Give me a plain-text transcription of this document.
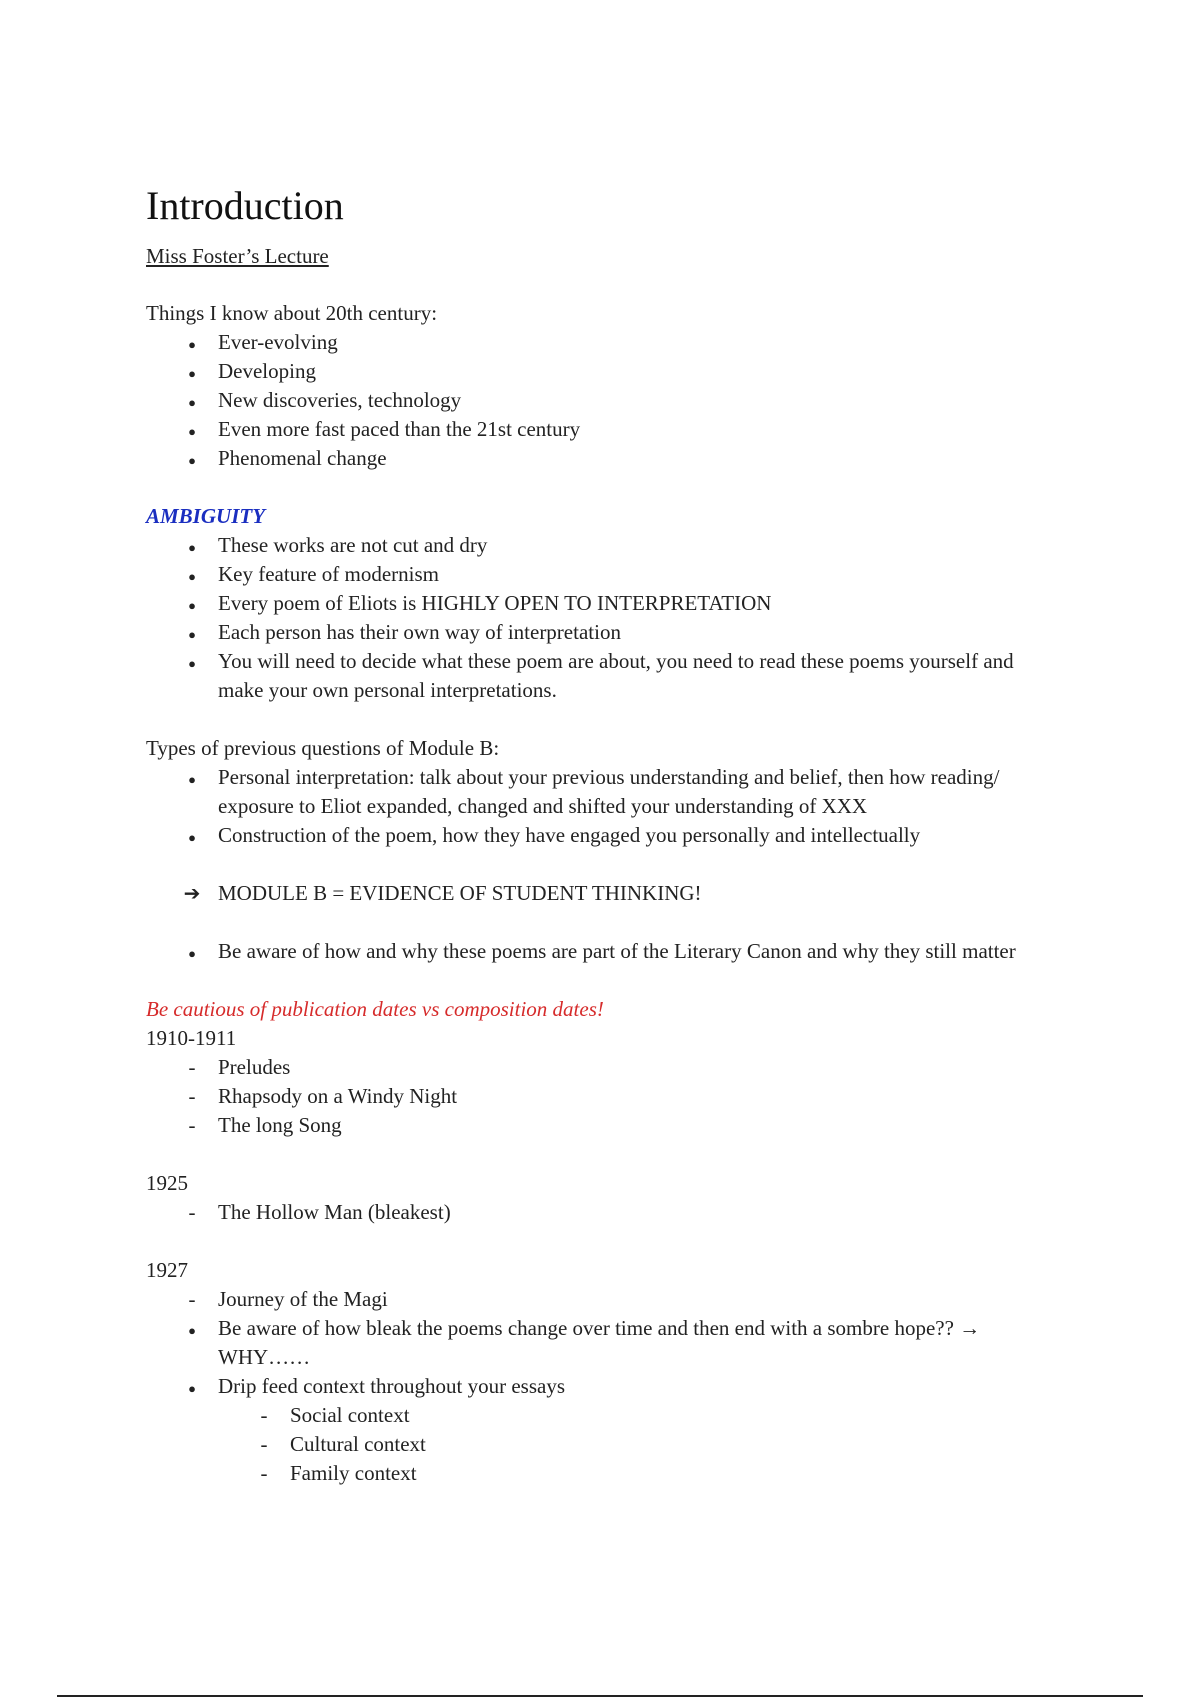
Introduction

Miss Foster’s Lecture

Things I know about 20th century:

●
Ever-evolving
●
Developing
●
New discoveries, technology
●
Even more fast paced than the 21st century
●
Phenomenal change

AMBIGUITY

●
These works are not cut and dry
●
Key feature of modernism
●
Every poem of Eliots is HIGHLY OPEN TO INTERPRETATION
●
Each person has their own way of interpretation
●
You will need to decide what these poem are about, you need to read these poems yourself and make your own personal interpretations.

Types of previous questions of Module B:

●
Personal interpretation: talk about your previous understanding and belief, then how reading/ exposure to Eliot expanded, changed and shifted your understanding of XXX
●
Construction of the poem, how they have engaged you personally and intellectually
➔
MODULE B = EVIDENCE OF STUDENT THINKING!
●
Be aware of how and why these poems are part of the Literary Canon and why they still matter

Be cautious of publication dates vs composition dates!

1910-1911

-
Preludes
-
Rhapsody on a Windy Night
-
The long Song

1925

-
The Hollow Man (bleakest)

1927

-
Journey of the Magi
●
Be aware of how bleak the poems change over time and then end with a sombre hope?? → WHY……
●
Drip feed context throughout your essays
-
Social context
-
Cultural context
-
Family context
